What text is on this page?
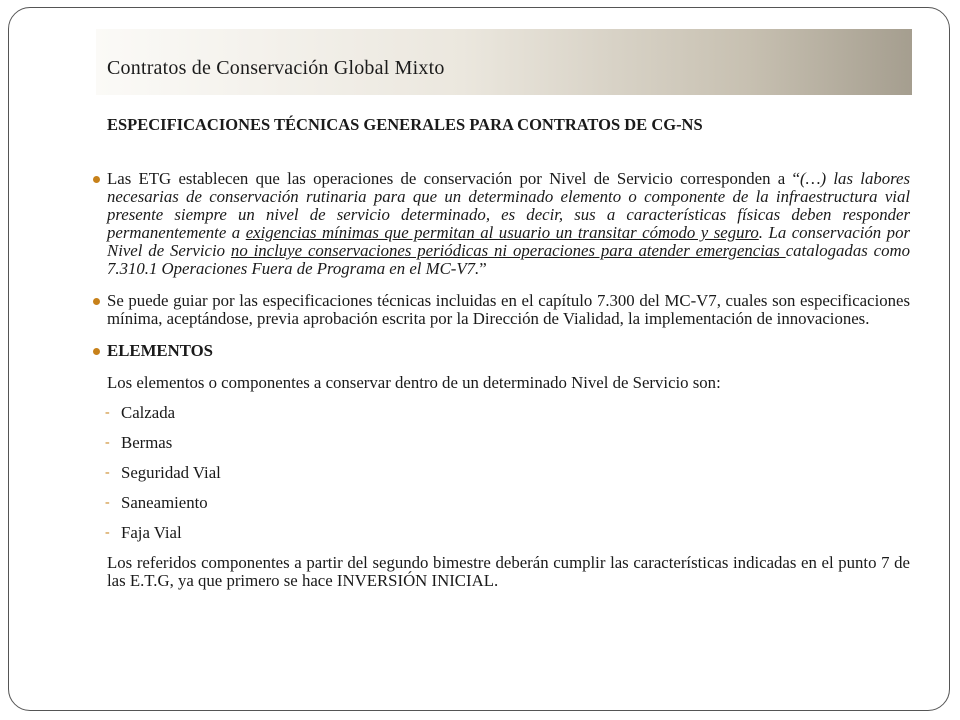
Contratos de Conservación Global Mixto
ESPECIFICACIONES TÉCNICAS GENERALES PARA CONTRATOS DE CG-NS
Las ETG establecen que las operaciones de conservación por Nivel de Servicio corresponden a “(…) las labores necesarias de conservación rutinaria para que un determinado elemento o componente de la infraestructura vial presente siempre un nivel de servicio determinado, es decir, sus a características físicas deben responder permanentemente a exigencias mínimas que permitan al usuario un transitar cómodo y seguro. La conservación por Nivel de Servicio no incluye conservaciones periódicas ni operaciones para atender emergencias catalogadas como 7.310.1 Operaciones Fuera de Programa en el MC-V7.”
Se puede guiar por las especificaciones técnicas incluidas en el capítulo 7.300 del MC-V7, cuales son especificaciones mínima, aceptándose, previa aprobación escrita por la Dirección de Vialidad, la implementación de innovaciones.
ELEMENTOS
Los elementos o componentes a conservar dentro de un determinado Nivel de Servicio son:
- Calzada
- Bermas
- Seguridad Vial
- Saneamiento
- Faja Vial
Los referidos componentes a partir del segundo bimestre deberán cumplir las características indicadas en el punto 7 de las E.T.G, ya que primero se hace INVERSIÓN INICIAL.
